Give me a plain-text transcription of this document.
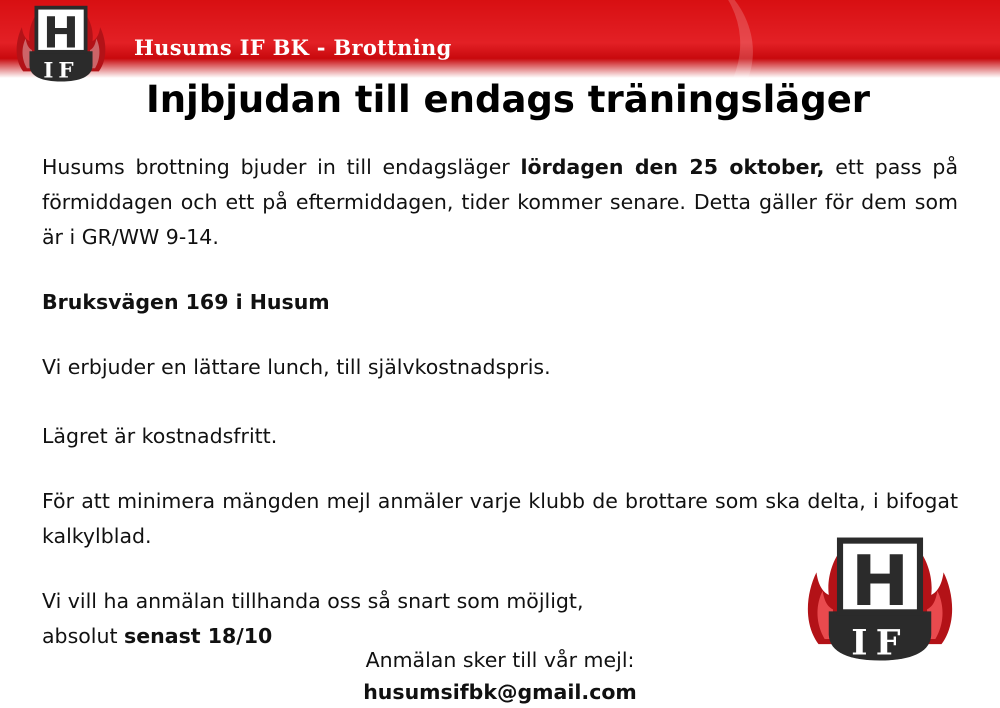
Husums IF BK - Brottning
H
IF
Injbjudan till endags träningsläger

Husums brottning bjuder in till endagsläger lördagen den 25 oktober, ett pass på förmiddagen och ett på eftermiddagen, tider kommer senare. Detta gäller för dem som är i GR/WW 9-14.

Bruksvägen 169 i Husum

Vi erbjuder en lättare lunch, till självkostnadspris.

Lägret är kostnadsfritt.

För att minimera mängden mejl anmäler varje klubb de brottare som ska delta, i bifogat kalkylblad.

Vi vill ha anmälan tillhanda oss så snart som möjligt,

absolut senast 18/10

Anmälan sker till vår mejl:
husumsifbk@gmail.com
H
IF
